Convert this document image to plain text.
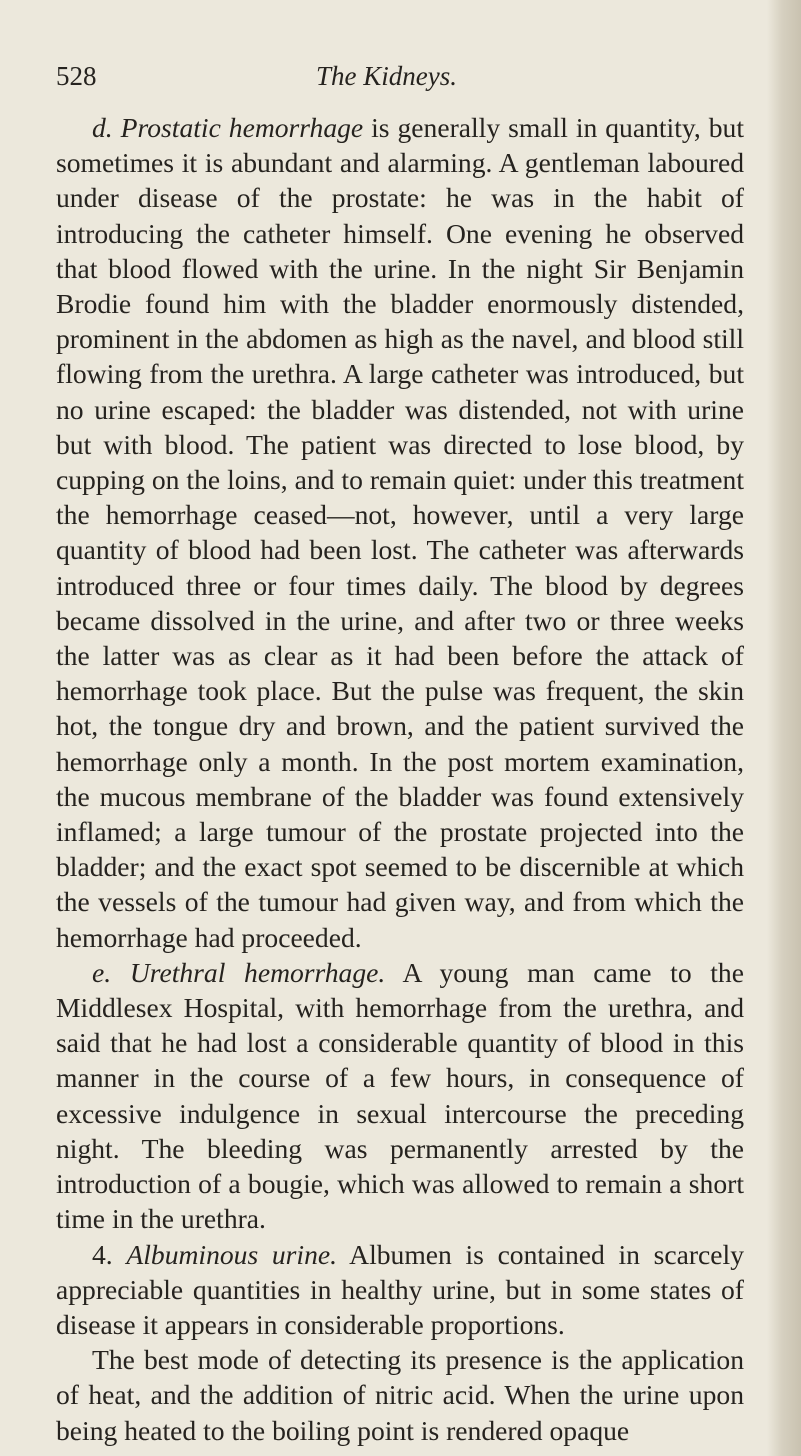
528	The Kidneys.

d. Prostatic hemorrhage is generally small in quantity, but sometimes it is abundant and alarming. A gentleman laboured under disease of the prostate: he was in the habit of introducing the catheter himself. One evening he observed that blood flowed with the urine. In the night Sir Benjamin Brodie found him with the bladder enormously distended, prominent in the abdomen as high as the navel, and blood still flowing from the urethra. A large catheter was introduced, but no urine escaped: the bladder was distended, not with urine but with blood. The patient was directed to lose blood, by cupping on the loins, and to remain quiet: under this treatment the hemorrhage ceased—not, however, until a very large quantity of blood had been lost. The catheter was afterwards introduced three or four times daily. The blood by degrees became dissolved in the urine, and after two or three weeks the latter was as clear as it had been before the attack of hemorrhage took place. But the pulse was frequent, the skin hot, the tongue dry and brown, and the patient survived the hemorrhage only a month. In the post mortem examination, the mucous membrane of the bladder was found extensively inflamed; a large tumour of the prostate projected into the bladder; and the exact spot seemed to be discernible at which the vessels of the tumour had given way, and from which the hemorrhage had proceeded.

e. Urethral hemorrhage. A young man came to the Middlesex Hospital, with hemorrhage from the urethra, and said that he had lost a considerable quantity of blood in this manner in the course of a few hours, in consequence of excessive indulgence in sexual intercourse the preceding night. The bleeding was permanently arrested by the introduction of a bougie, which was allowed to remain a short time in the urethra.

4. Albuminous urine. Albumen is contained in scarcely appreciable quantities in healthy urine, but in some states of disease it appears in considerable proportions.

The best mode of detecting its presence is the application of heat, and the addition of nitric acid. When the urine upon being heated to the boiling point is rendered opaque
